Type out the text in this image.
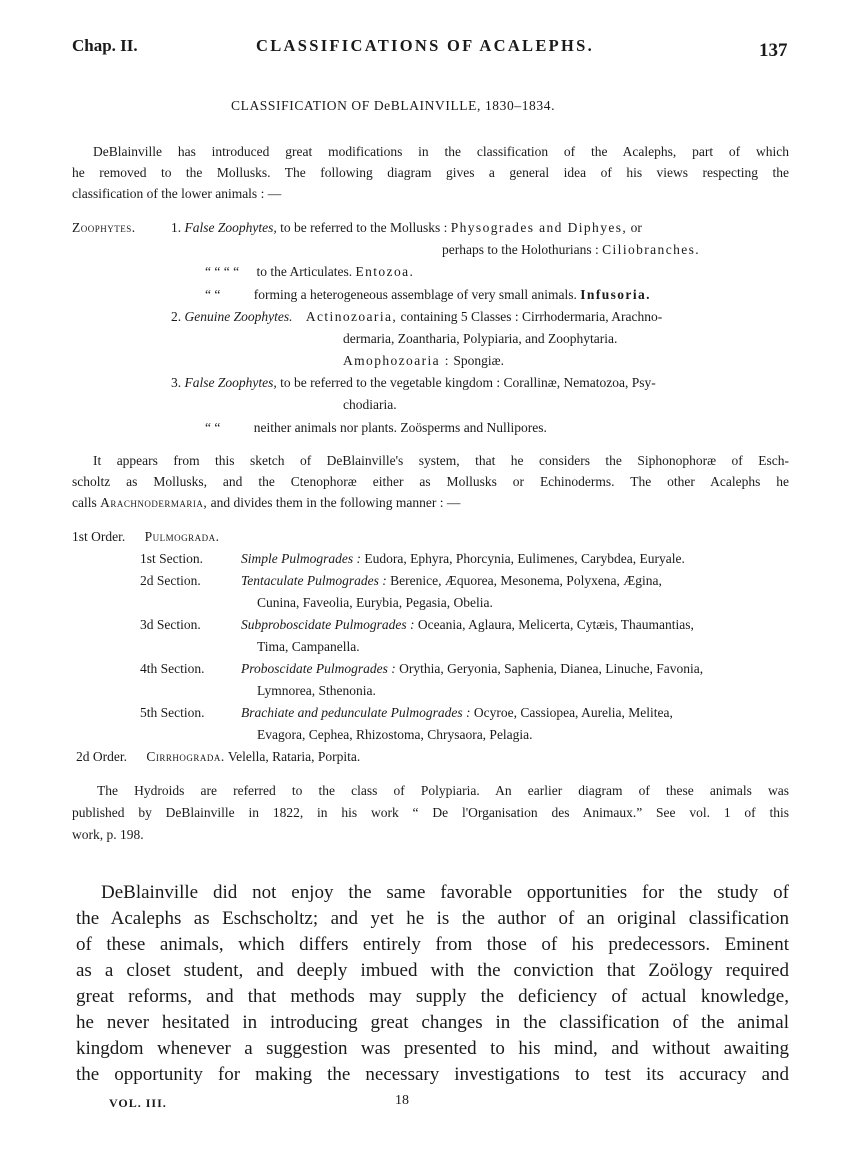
Chap. II.	CLASSIFICATIONS OF ACALEPHS.	137
CLASSIFICATION OF DeBLAINVILLE, 1830–1834.
DeBlainville has introduced great modifications in the classification of the Acalephs, part of which
he removed to the Mollusks. The following diagram gives a general idea of his views respecting the
classification of the lower animals : —
Zoophytes.	1. False Zoophytes, to be referred to the Mollusks : Physogrades and Diphyes, or
perhaps to the Holothurians : Ciliobranches.
“ “ “ “ to the Articulates. Entozoa.
“ “ forming a heterogeneous assemblage of very small animals. Infusoria.
2. Genuine Zoophytes. Actinozoaria, containing 5 Classes : Cirrhodermaria, Arachno-
dermaria, Zoantharia, Polypiaria, and Zoophytaria.
Amophozoaria : Spongiæ.
3. False Zoophytes, to be referred to the vegetable kingdom : Corallinæ, Nematozoa, Psy-
chodiaria.
“ “ neither animals nor plants. Zoösperms and Nullipores.
It appears from this sketch of DeBlainville's system, that he considers the Siphonophoræ of Esch-
scholtz as Mollusks, and the Ctenophoræ either as Mollusks or Echinoderms. The other Acalephs he
calls Arachnodermaria, and divides them in the following manner : —
1st Order. Pulmograda.
1st Section.	Simple Pulmogrades : Eudora, Ephyra, Phorcynia, Eulimenes, Carybdea, Euryale.
2d Section.	Tentaculate Pulmogrades : Berenice, Æquorea, Mesonema, Polyxena, Ægina,
Cunina, Faveolia, Eurybia, Pegasia, Obelia.
3d Section.	Subproboscidate Pulmogrades : Oceania, Aglaura, Melicerta, Cytæis, Thaumantias,
Tima, Campanella.
4th Section.	Proboscidate Pulmogrades : Orythia, Geryonia, Saphenia, Dianea, Linuche, Favonia,
Lymnorea, Sthenonia.
5th Section.	Brachiate and pedunculate Pulmogrades : Ocyroe, Cassiopea, Aurelia, Melitea,
Evagora, Cephea, Rhizostoma, Chrysaora, Pelagia.
2d Order. Cirrhograda. Velella, Rataria, Porpita.
The Hydroids are referred to the class of Polypiaria. An earlier diagram of these animals was
published by DeBlainville in 1822, in his work “ De l'Organisation des Animaux.” See vol. 1 of this
work, p. 198.
DeBlainville did not enjoy the same favorable opportunities for the study of
the Acalephs as Eschscholtz; and yet he is the author of an original classification
of these animals, which differs entirely from those of his predecessors. Eminent
as a closet student, and deeply imbued with the conviction that Zoölogy required
great reforms, and that methods may supply the deficiency of actual knowledge,
he never hesitated in introducing great changes in the classification of the animal
kingdom whenever a suggestion was presented to his mind, and without awaiting
the opportunity for making the necessary investigations to test its accuracy and
VOL. III.	18
